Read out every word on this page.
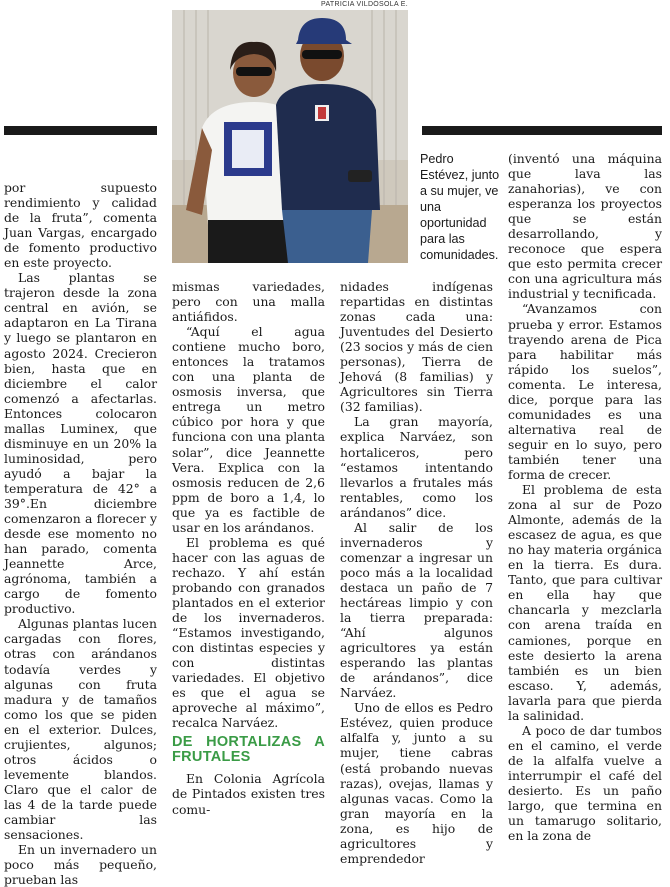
PATRICIA VILDÓSOLA E.
Pedro Estévez, junto a su mujer, ve una oportunidad para las comunidades.

por supuesto rendimiento y calidad de la fruta”, comenta Juan Vargas, encargado de fomento productivo en este proyecto.

Las plantas se trajeron desde la zona central en avión, se adaptaron en La Tirana y luego se plantaron en agosto 2024. Crecieron bien, hasta que en diciembre el calor comenzó a afectarlas. Entonces colocaron mallas Luminex, que disminuye en un 20% la luminosidad, pero ayudó a bajar la temperatura de 42° a 39°.En diciembre comenzaron a florecer y desde ese momento no han parado, comenta Jeannette Arce, agrónoma, también a cargo de fomento productivo.

Algunas plantas lucen cargadas con flores, otras con arándanos todavía verdes y algunas con fruta madura y de tamaños como los que se piden en el exterior. Dulces, crujientes, algunos; otros ácidos o levemente blandos. Claro que el calor de las 4 de la tarde puede cambiar las sensaciones.

En un invernadero un poco más pequeño, prueban las

mismas variedades, pero con una malla antiáfidos.

“Aquí el agua contiene mucho boro, entonces la tratamos con una planta de osmosis inversa, que entrega un metro cúbico por hora y que funciona con una planta solar”, dice Jeannette Vera. Explica con la osmosis reducen de 2,6 ppm de boro a 1,4, lo que ya es factible de usar en los arándanos.

El problema es qué hacer con las aguas de rechazo. Y ahí están probando con granados plantados en el exterior de los invernaderos. “Estamos investigando, con distintas especies y con distintas variedades. El objetivo es que el agua se aproveche al máximo”, recalca Narváez.

DE HORTALIZAS A FRUTALES

En Colonia Agrícola de Pintados existen tres comu-

nidades indígenas repartidas en distintas zonas cada una: Juventudes del Desierto (23 socios y más de cien personas), Tierra de Jehová (8 familias) y Agricultores sin Tierra (32 familias).

La gran mayoría, explica Narváez, son hortaliceros, pero “estamos intentando llevarlos a frutales más rentables, como los arándanos” dice.

Al salir de los invernaderos y comenzar a ingresar un poco más a la localidad destaca un paño de 7 hectáreas limpio y con la tierra preparada: “Ahí algunos agricultores ya están esperando las plantas de arándanos”, dice Narváez.

Uno de ellos es Pedro Estévez, quien produce alfalfa y, junto a su mujer, tiene cabras (está probando nuevas razas), ovejas, llamas y algunas vacas. Como la gran mayoría en la zona, es hijo de agricultores y emprendedor

(inventó una máquina que lava las zanahorias), ve con esperanza los proyectos que se están desarrollando, y reconoce que espera que esto permita crecer con una agricultura más industrial y tecnificada.

“Avanzamos con prueba y error. Estamos trayendo arena de Pica para habilitar más rápido los suelos”, comenta. Le interesa, dice, porque para las comunidades es una alternativa real de seguir en lo suyo, pero también tener una forma de crecer.

El problema de esta zona al sur de Pozo Almonte, además de la escasez de agua, es que no hay materia orgánica en la tierra. Es dura. Tanto, que para cultivar en ella hay que chancarla y mezclarla con arena traída en camiones, porque en este desierto la arena también es un bien escaso. Y, además, lavarla para que pierda la salinidad.

A poco de dar tumbos en el camino, el verde de la alfalfa vuelve a interrumpir el café del desierto. Es un paño largo, que termina en un tamarugo solitario, en la zona de
